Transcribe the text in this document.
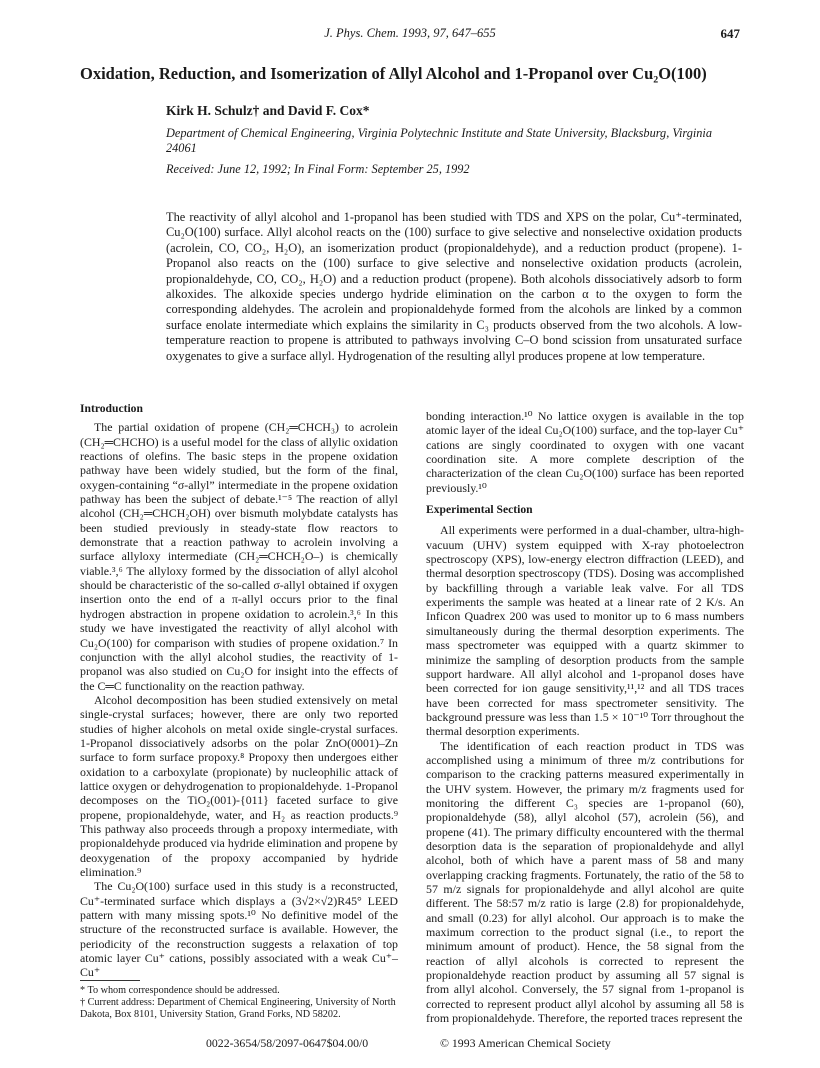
J. Phys. Chem. 1993, 97, 647–655	647
Oxidation, Reduction, and Isomerization of Allyl Alcohol and 1-Propanol over Cu₂O(100)
Kirk H. Schulz† and David F. Cox*
Department of Chemical Engineering, Virginia Polytechnic Institute and State University, Blacksburg, Virginia 24061
Received: June 12, 1992; In Final Form: September 25, 1992

The reactivity of allyl alcohol and 1-propanol has been studied with TDS and XPS on the polar, Cu⁺-terminated, Cu₂O(100) surface. Allyl alcohol reacts on the (100) surface to give selective and nonselective oxidation products (acrolein, CO, CO₂, H₂O), an isomerization product (propionaldehyde), and a reduction product (propene). 1-Propanol also reacts on the (100) surface to give selective and nonselective oxidation products (acrolein, propionaldehyde, CO, CO₂, H₂O) and a reduction product (propene). Both alcohols dissociatively adsorb to form alkoxides. The alkoxide species undergo hydride elimination on the carbon α to the oxygen to form the corresponding aldehydes. The acrolein and propionaldehyde formed from the alcohols are linked by a common surface enolate intermediate which explains the similarity in C₃ products observed from the two alcohols. A low-temperature reaction to propene is attributed to pathways involving C–O bond scission from unsaturated surface oxygenates to give a surface allyl. Hydrogenation of the resulting allyl produces propene at low temperature.

Introduction

The partial oxidation of propene (CH₂═CHCH₃) to acrolein (CH₂═CHCHO) is a useful model for the class of allylic oxidation reactions of olefins. The basic steps in the propene oxidation pathway have been widely studied, but the form of the final, oxygen-containing “σ-allyl” intermediate in the propene oxidation pathway has been the subject of debate.¹⁻⁵ The reaction of allyl alcohol (CH₂═CHCH₂OH) over bismuth molybdate catalysts has been studied previously in steady-state flow reactors to demonstrate that a reaction pathway to acrolein involving a surface allyloxy intermediate (CH₂═CHCH₂O–) is chemically viable.³,⁶ The allyloxy formed by the dissociation of allyl alcohol should be characteristic of the so-called σ-allyl obtained if oxygen insertion onto the end of a π-allyl occurs prior to the final hydrogen abstraction in propene oxidation to acrolein.³,⁶ In this study we have investigated the reactivity of allyl alcohol with Cu₂O(100) for comparison with studies of propene oxidation.⁷ In conjunction with the allyl alcohol studies, the reactivity of 1-propanol was also studied on Cu₂O for insight into the effects of the C═C functionality on the reaction pathway.

Alcohol decomposition has been studied extensively on metal single-crystal surfaces; however, there are only two reported studies of higher alcohols on metal oxide single-crystal surfaces. 1-Propanol dissociatively adsorbs on the polar ZnO(0001)–Zn surface to form surface propoxy.⁸ Propoxy then undergoes either oxidation to a carboxylate (propionate) by nucleophilic attack of lattice oxygen or dehydrogenation to propionaldehyde. 1-Propanol decomposes on the TiO₂(001)-{011} faceted surface to give propene, propionaldehyde, water, and H₂ as reaction products.⁹ This pathway also proceeds through a propoxy intermediate, with propionaldehyde produced via hydride elimination and propene by deoxygenation of the propoxy accompanied by hydride elimination.⁹

The Cu₂O(100) surface used in this study is a reconstructed, Cu⁺-terminated surface which displays a (3√2×√2)R45° LEED pattern with many missing spots.¹⁰ No definitive model of the structure of the reconstructed surface is available. However, the periodicity of the reconstruction suggests a relaxation of top atomic layer Cu⁺ cations, possibly associated with a weak Cu⁺–Cu⁺

bonding interaction.¹⁰ No lattice oxygen is available in the top atomic layer of the ideal Cu₂O(100) surface, and the top-layer Cu⁺ cations are singly coordinated to oxygen with one vacant coordination site. A more complete description of the characterization of the clean Cu₂O(100) surface has been reported previously.¹⁰

Experimental Section

All experiments were performed in a dual-chamber, ultra-high-vacuum (UHV) system equipped with X-ray photoelectron spectroscopy (XPS), low-energy electron diffraction (LEED), and thermal desorption spectroscopy (TDS). Dosing was accomplished by backfilling through a variable leak valve. For all TDS experiments the sample was heated at a linear rate of 2 K/s. An Inficon Quadrex 200 was used to monitor up to 6 mass numbers simultaneously during the thermal desorption experiments. The mass spectrometer was equipped with a quartz skimmer to minimize the sampling of desorption products from the sample support hardware. All allyl alcohol and 1-propanol doses have been corrected for ion gauge sensitivity,¹¹,¹² and all TDS traces have been corrected for mass spectrometer sensitivity. The background pressure was less than 1.5 × 10⁻¹⁰ Torr throughout the thermal desorption experiments.

The identification of each reaction product in TDS was accomplished using a minimum of three m/z contributions for comparison to the cracking patterns measured experimentally in the UHV system. However, the primary m/z fragments used for monitoring the different C₃ species are 1-propanol (60), propionaldehyde (58), allyl alcohol (57), acrolein (56), and propene (41). The primary difficulty encountered with the thermal desorption data is the separation of propionaldehyde and allyl alcohol, both of which have a parent mass of 58 and many overlapping cracking fragments. Fortunately, the ratio of the 58 to 57 m/z signals for propionaldehyde and allyl alcohol are quite different. The 58:57 m/z ratio is large (2.8) for propionaldehyde, and small (0.23) for allyl alcohol. Our approach is to make the maximum correction to the product signal (i.e., to report the minimum amount of product). Hence, the 58 signal from the reaction of allyl alcohols is corrected to represent the propionaldehyde reaction product by assuming all 57 signal is from allyl alcohol. Conversely, the 57 signal from 1-propanol is corrected to represent product allyl alcohol by assuming all 58 is from propionaldehyde. Therefore, the reported traces represent the

* To whom correspondence should be addressed.
† Current address: Department of Chemical Engineering, University of North Dakota, Box 8101, University Station, Grand Forks, ND 58202.
0022-3654/58/2097-0647$04.00/0	© 1993 American Chemical Society
